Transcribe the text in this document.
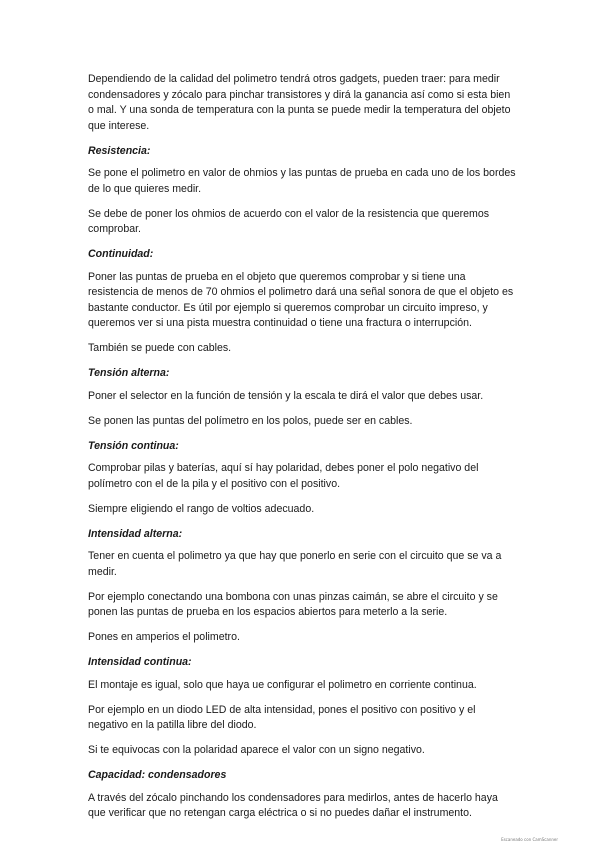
Dependiendo de la calidad del polimetro tendrá otros gadgets, pueden traer: para medir condensadores y zócalo para pinchar transistores y dirá la ganancia así como si esta bien o mal. Y una sonda de temperatura con la punta se puede medir la temperatura del objeto que interese.

Resistencia:

Se pone el polimetro en valor de ohmios y las puntas de prueba en cada uno de los bordes de lo que quieres medir.

Se debe de poner los ohmios de acuerdo con el valor de la resistencia que queremos comprobar.

Continuidad:

Poner las puntas de prueba en el objeto que queremos comprobar y si tiene una resistencia de menos de 70 ohmios el polimetro dará una señal sonora de que el objeto es bastante conductor. Es útil por ejemplo si queremos comprobar un circuito impreso, y queremos ver si una pista muestra continuidad o tiene una fractura o interrupción.

También se puede con cables.

Tensión alterna:

Poner el selector en la función de tensión y la escala te dirá el valor que debes usar.

Se ponen las puntas del polímetro en los polos, puede ser en cables.

Tensión continua:

Comprobar pilas y baterías, aquí sí hay polaridad, debes poner el polo negativo del polímetro con el de la pila y el positivo con el positivo.

Siempre eligiendo el rango de voltios adecuado.

Intensidad alterna:

Tener en cuenta el polimetro ya que hay que ponerlo en serie con el circuito que se va a medir.

Por ejemplo conectando una bombona con unas pinzas caimán, se abre el circuito y se ponen las puntas de prueba en los espacios abiertos para meterlo a la serie.

Pones en amperios el polimetro.

Intensidad continua:

El montaje es igual, solo que haya ue configurar el polimetro en corriente continua.

Por ejemplo en un diodo LED de alta intensidad, pones el positivo con positivo y el negativo en la patilla libre del diodo.

Si te equivocas con la polaridad aparece el valor con un signo negativo.

Capacidad: condensadores

A través del zócalo pinchando los condensadores para medirlos, antes de hacerlo haya que verificar que no retengan carga eléctrica o si no puedes dañar el instrumento.

Escaneado con CamScanner
